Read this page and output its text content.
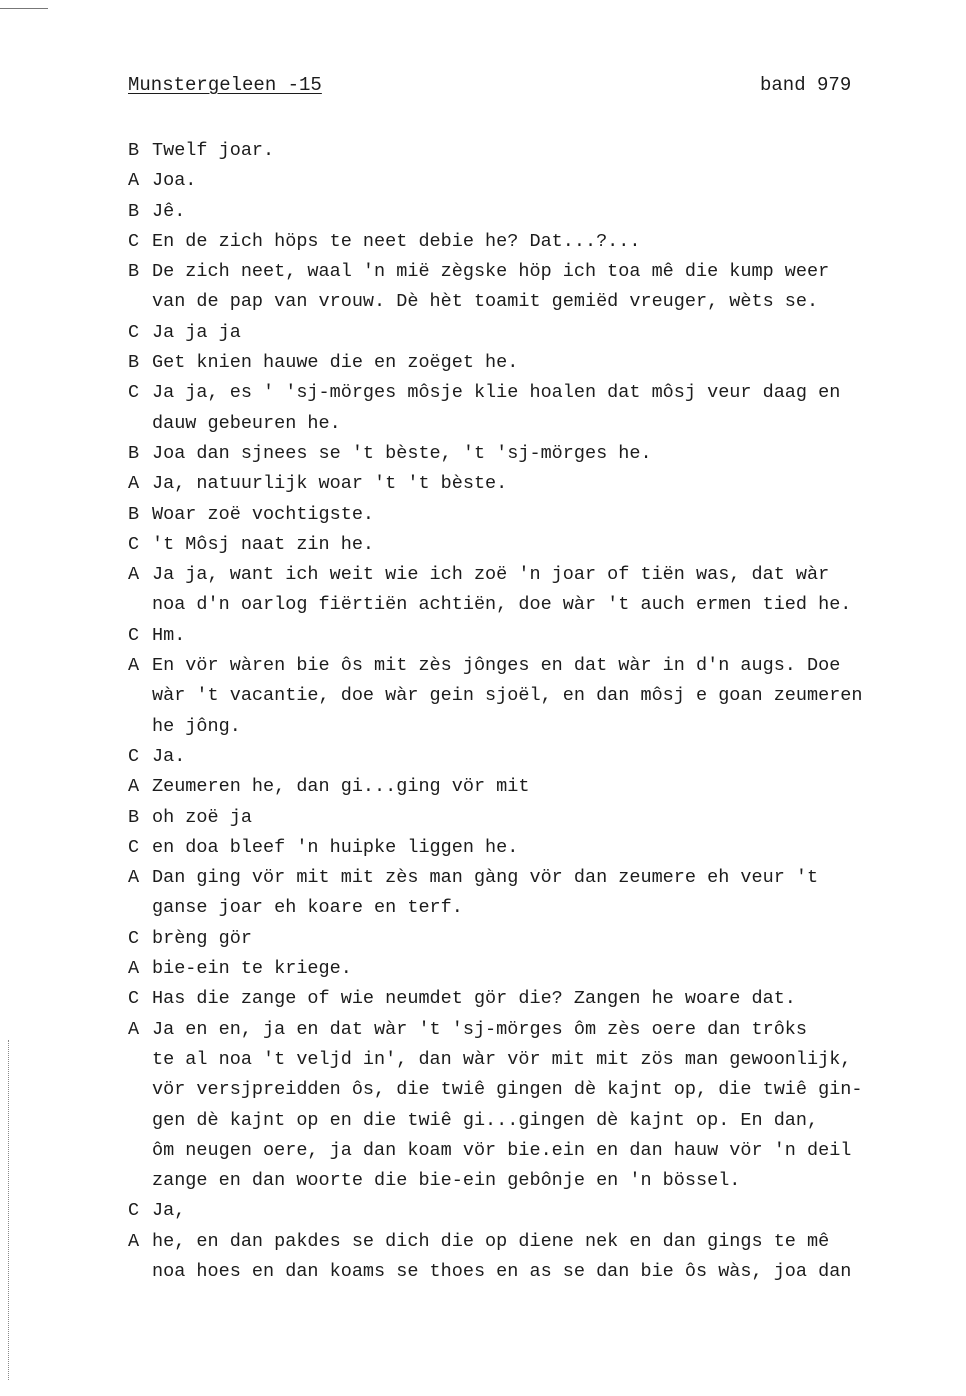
Munstergeleen -15	band 979
B Twelf joar.
A Joa.
B Jê.
C En de zich höps te neet debie he? Dat...?...
B De zich neet, waal 'n mië zègske höp ich toa mê die kump weer
van de pap van vrouw. Dè hèt toamit gemiëd vreuger, wèts se.
C Ja ja ja
B Get knien hauwe die en zoëget he.
C Ja ja, es ' 'sj-mörges môsje klie hoalen dat môsj veur daag en
dauw gebeuren he.
B Joa dan sjnees se 't bèste, 't 'sj-mörges he.
A Ja, natuurlijk woar 't 't bèste.
B Woar zoë vochtigste.
C 't Môsj naat zin he.
A Ja ja, want ich weit wie ich zoë 'n joar of tiën was, dat wàr
noa d'n oarlog fiërtiën achtiën, doe wàr 't auch ermen tied he.
C Hm.
A En vör wàren bie ôs mit zès jônges en dat wàr in d'n augs. Doe
wàr 't vacantie, doe wàr gein sjoël, en dan môsj e goan zeumeren
he jông.
C Ja.
A Zeumeren he, dan gi...ging vör mit
B oh zoë ja
C en doa bleef 'n huipke liggen he.
A Dan ging vör mit mit zès man gàng vör dan zeumere eh veur 't
ganse joar eh koare en terf.
C brèng gör
A bie-ein te kriege.
C Has die zange of wie neumdet gör die? Zangen he woare dat.
A Ja en en, ja en dat wàr 't 'sj-mörges ôm zès oere dan trôks
te al noa 't veljd in', dan wàr vör mit mit zös man gewoonlijk,
vör versjpreidden ôs, die twiê gingen dè kajnt op, die twiê gin-
gen dè kajnt op en die twiê gi...gingen dè kajnt op. En dan,
ôm neugen oere, ja dan koam vör bie.ein en dan hauw vör 'n deil
zange en dan woorte die bie-ein gebônje en 'n bössel.
C Ja,
A he, en dan pakdes se dich die op diene nek en dan gings te mê
noa hoes en dan koams se thoes en as se dan bie ôs wàs, joa dan
